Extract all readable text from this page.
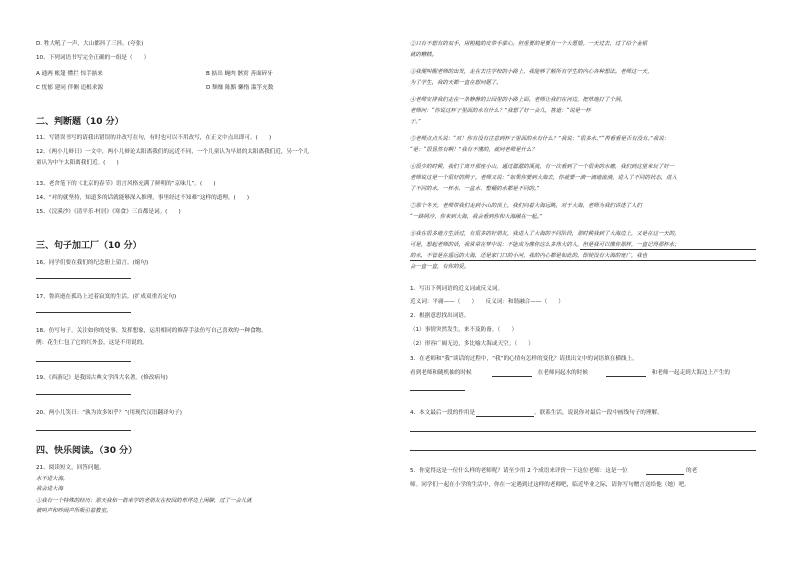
D. 牲大吼了一声，大山都抖了三抖。(夸张)
10、下列词语书写完全正确的一组是（　　）
A 通两 帐篷 懂拦 惊手掂来	B 掂出 蝇肉 骸雳 善面碎牙
C 忧郁 建同 伴侧 追根求源	D 颓靡 陈黯 懒惰 滥竽充数
二、判断题（10 分）
11、写错误书写的请我出错误的并改写在句，有时也可以不用改写，在正文中点出即可。(　　)
12、《两小儿辩日》一文中，两小儿辩论太阳离我们的远近不同，一个儿童认为早晨的太阳离我们近，另一个儿
童认为中午太阳离我们近。(　　)
13、老舍笔下的《北京的春节》语言风格充满了鲜明的“京味儿”。(　　)
14、“对的就坚持，知道多的话就能够深入推理，事里经过不知难”这样的道理。(　　)
15、《浣溪沙》《清平乐·村居》《寒食》三首都是词。(　　)
三、句子加工厂（10 分）
16、同学们要在我们的纪念册上留言。(缩句)
17、鲁滨逊在孤岛上过着寂寞的生活。(扩成双重否定句)
18、仿写句子。关注如你的处事，发挥想象，运用相同的修辞手法仿写自己喜欢的一种食物。
例：花生仁包了它的红外套，这是不用说的。
19、《西游记》是我国古典文学四大名著。(修改病句)
20、两小儿笑曰：“孰为汝多知乎？”(用现代汉语翻译句子)
四、快乐阅读。（30 分）
21、阅读短文，回答问题。
水不进大海，
我会进大海
①我有一个特殊的经历：那天我和一群来学的老朋友在校园的草坪边上闲聊，过了一会儿就
被叫声和吵闹声所吸引着教室。
②只有不想有的双手，用粗糙的皮带手掌心。但重要的是要有一个大愿望。一天过去，过了给个金银
就的糟糕。
③我便叫醒老师的出发，走在去往学校的小路上，我能够了解所有学生的内心各种想法。老师这一天，
为了学生，我的天都一直在想问题了。
④老师安排我们走在一条静静的公园里的小路上面。老师让我们在河边，把草地打了个洞。
老师问：“你说这杯子里面的水有什么？”我想了好一会儿，答道：“说是一杯
子。”
⑤老师点点头说：“对！你有没有注意到杯子里面的水有什么？”我说：“很多水。”“再看看是否有没有。”我说：
“是：“很显然有啊！”我有不懂的，就问老师是什么？
⑥很少的时候，我们了离开那座小山，通过潺潺的溪流，有一次看到了一个很美的水塘，我们到这里来玩了好一
老师说这是一个很好的例子。老师又说：“如果你要到大海去，你就要一滴一滴地流淌，进入了不同的状态，进入
了不同的水，一杯水、一盆水、整桶的水都是不同的。”
⑦那个冬天，老师带我们走到小山的顶上，我们向着大海远眺，对于大海，老师为我们讲述了人们
“一路阿沙，你来到大海，我会看到你和大海融在一起。”
⑧我在很多地方生活过，有很多的好朋友，我进入了大海的不同阶段，那时候我到了大海边上，又是在这一天的。
可是，想起老师的话，我常常在梦中说：不能成为像你这么多伟大的人，但是我可以像你那样，一直记得那杯水；
的水，不管是在遥远的大海，还是家门口的小河，我的内心都是如此的。即使没有大海的宽广，我也
会一直一直，有你的爱。
1．写出下列词语的近义词或反义词。
近义词：平庸——（　　）　　反义词：和谐融合——（　　）
2．根据意思找出词语。
（1）事情突然发生，来不及防备。（　　）
（2）形容广阔无边，多比喻大海或天空。（　　）
3．在老师和“我”谈话的过程中，“我”的心情有怎样的变化？请找出文中的词语填在横线上。
看到老师和随机抽的时候	　在老师问起水的时候	　和老师一起走到大海边上产生的
4．本文最后一段的作用是	。联系生活，说说你对最后一段中画线句子的理解。
5．你觉得这是一位什么样的老师呢？请至少用 2 个成语来评价一下这位老师：这是一位	的老
师。同学们一起在小学的生活中，你在一定遇到过这样的老师吧，临近毕业之际，请你写句赠言送给他（她）吧。
